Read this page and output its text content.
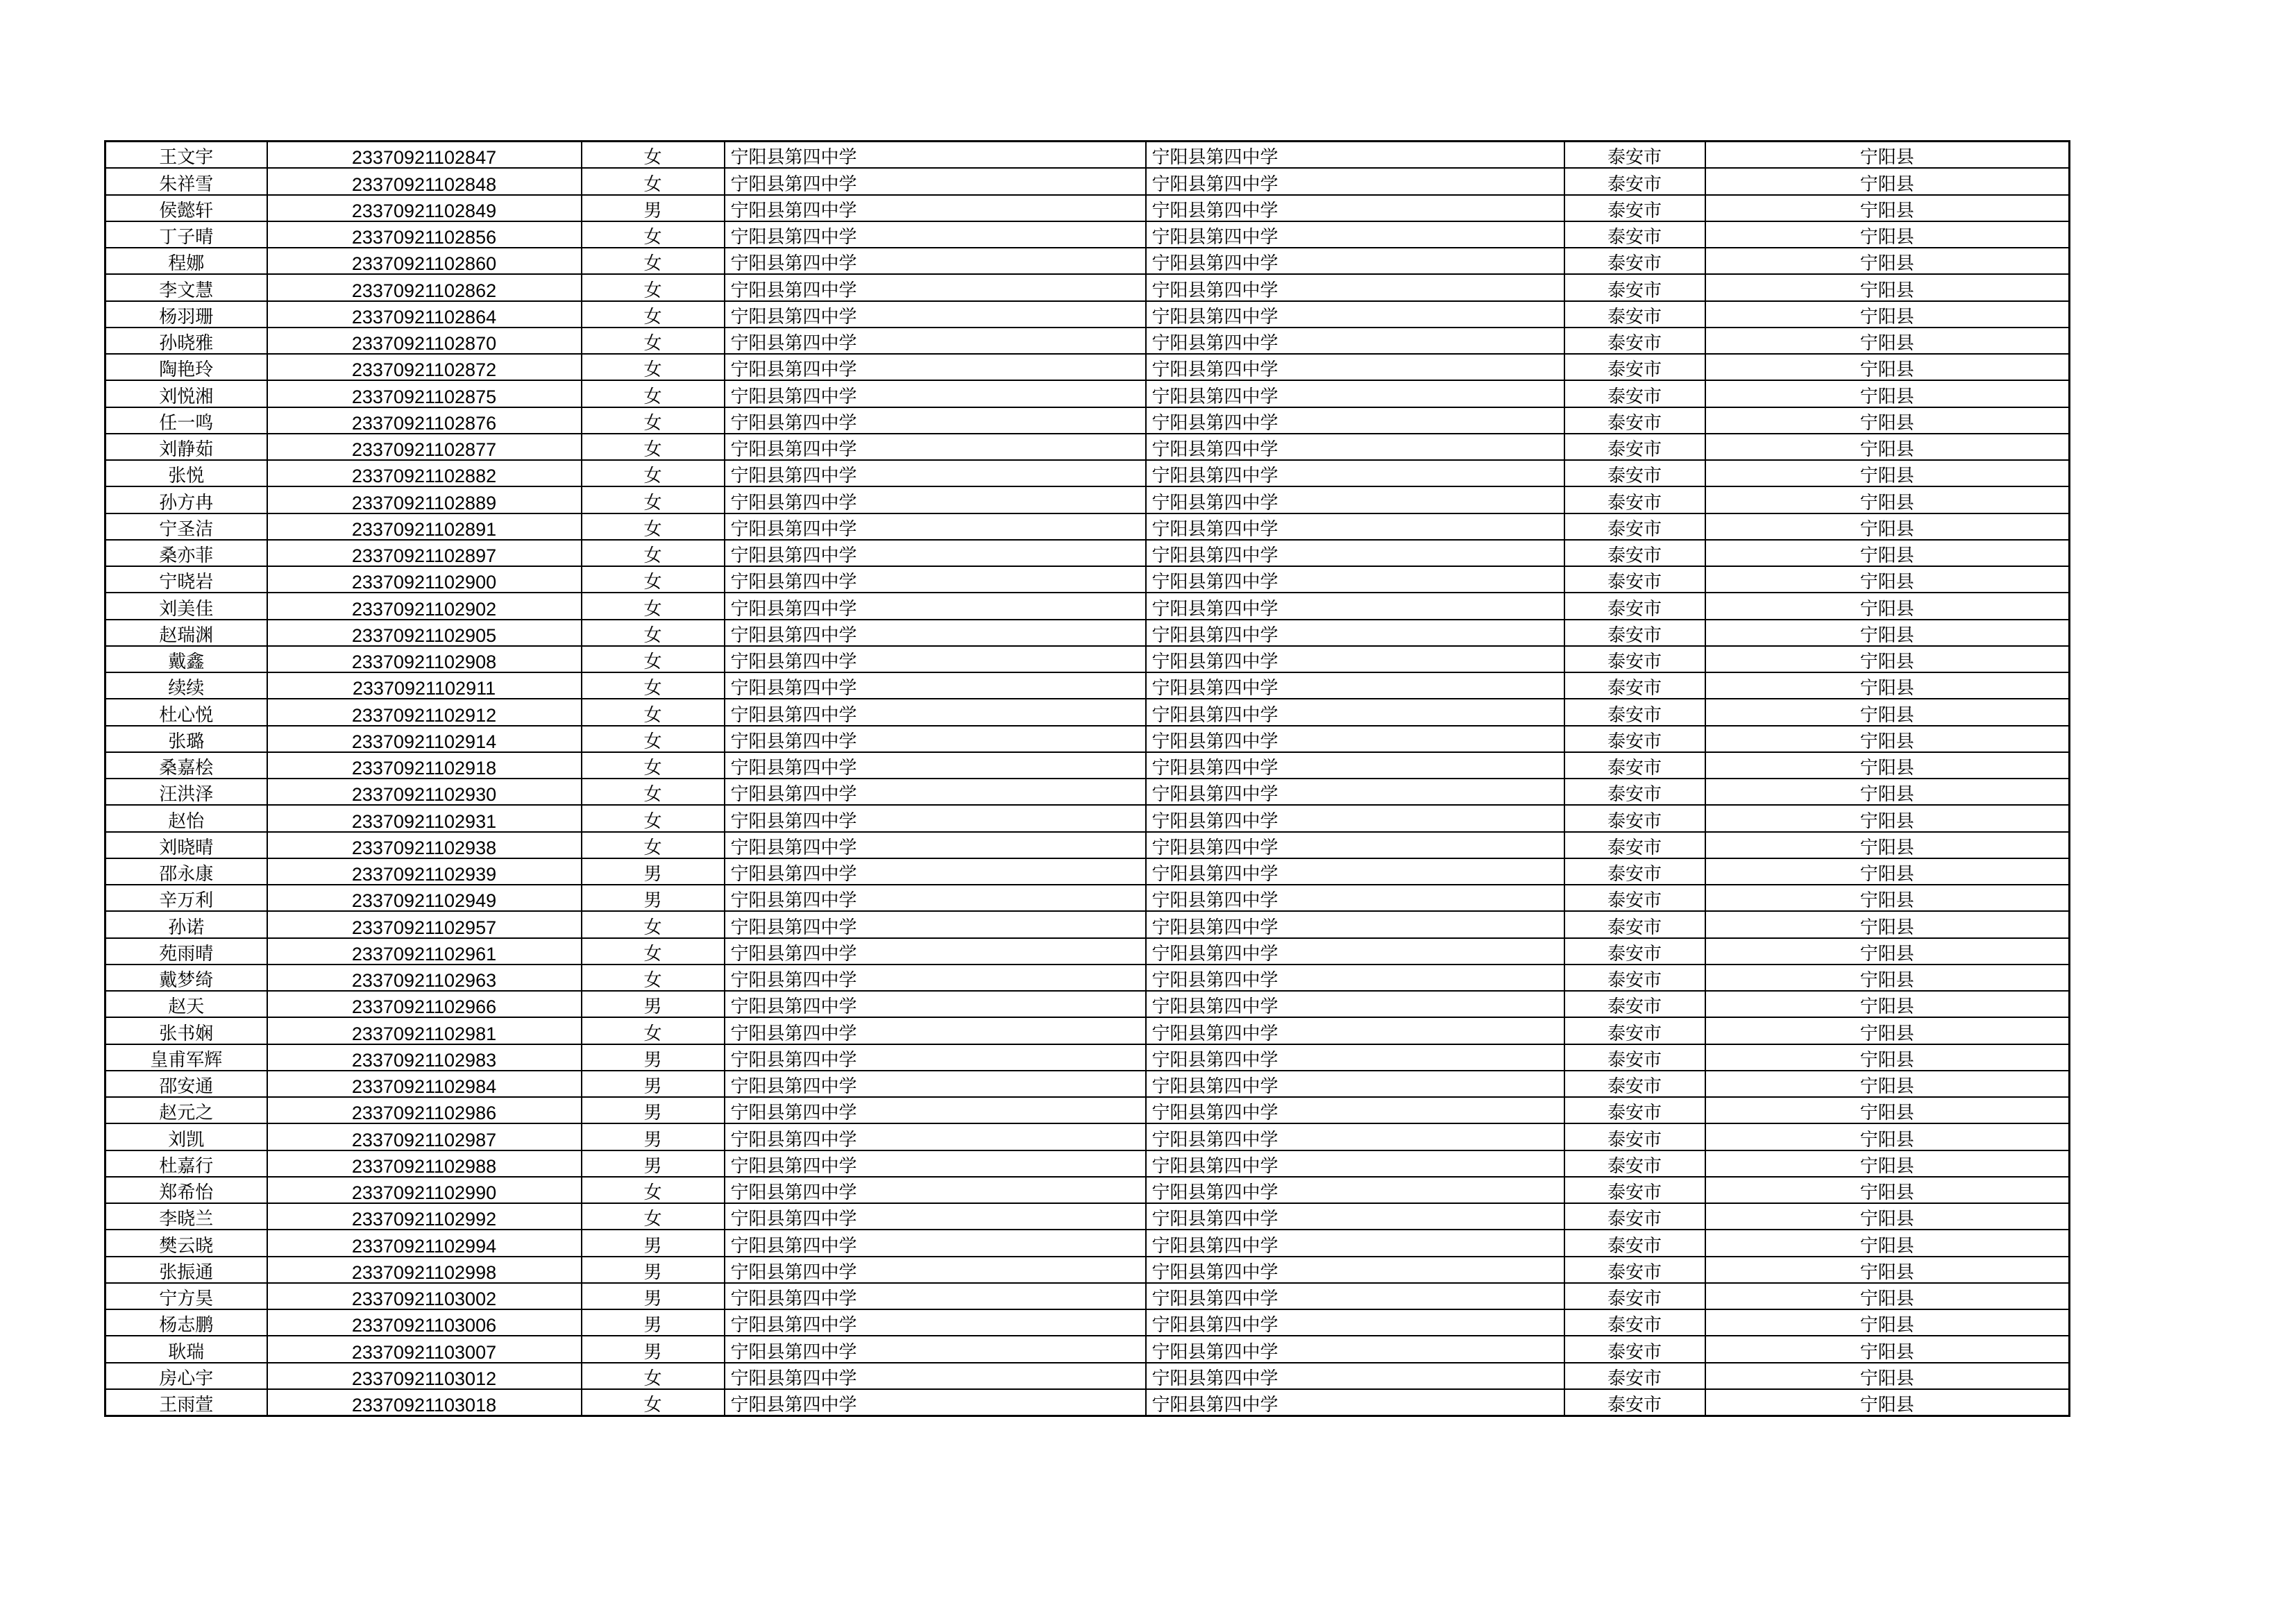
王文宇	23370921102847	女	宁阳县第四中学	宁阳县第四中学	泰安市	宁阳县
朱祥雪	23370921102848	女	宁阳县第四中学	宁阳县第四中学	泰安市	宁阳县
侯懿轩	23370921102849	男	宁阳县第四中学	宁阳县第四中学	泰安市	宁阳县
丁子晴	23370921102856	女	宁阳县第四中学	宁阳县第四中学	泰安市	宁阳县
程娜	23370921102860	女	宁阳县第四中学	宁阳县第四中学	泰安市	宁阳县
李文慧	23370921102862	女	宁阳县第四中学	宁阳县第四中学	泰安市	宁阳县
杨羽珊	23370921102864	女	宁阳县第四中学	宁阳县第四中学	泰安市	宁阳县
孙晓雅	23370921102870	女	宁阳县第四中学	宁阳县第四中学	泰安市	宁阳县
陶艳玲	23370921102872	女	宁阳县第四中学	宁阳县第四中学	泰安市	宁阳县
刘悦湘	23370921102875	女	宁阳县第四中学	宁阳县第四中学	泰安市	宁阳县
任一鸣	23370921102876	女	宁阳县第四中学	宁阳县第四中学	泰安市	宁阳县
刘静茹	23370921102877	女	宁阳县第四中学	宁阳县第四中学	泰安市	宁阳县
张悦	23370921102882	女	宁阳县第四中学	宁阳县第四中学	泰安市	宁阳县
孙方冉	23370921102889	女	宁阳县第四中学	宁阳县第四中学	泰安市	宁阳县
宁圣洁	23370921102891	女	宁阳县第四中学	宁阳县第四中学	泰安市	宁阳县
桑亦菲	23370921102897	女	宁阳县第四中学	宁阳县第四中学	泰安市	宁阳县
宁晓岩	23370921102900	女	宁阳县第四中学	宁阳县第四中学	泰安市	宁阳县
刘美佳	23370921102902	女	宁阳县第四中学	宁阳县第四中学	泰安市	宁阳县
赵瑞渊	23370921102905	女	宁阳县第四中学	宁阳县第四中学	泰安市	宁阳县
戴鑫	23370921102908	女	宁阳县第四中学	宁阳县第四中学	泰安市	宁阳县
续续	23370921102911	女	宁阳县第四中学	宁阳县第四中学	泰安市	宁阳县
杜心悦	23370921102912	女	宁阳县第四中学	宁阳县第四中学	泰安市	宁阳县
张璐	23370921102914	女	宁阳县第四中学	宁阳县第四中学	泰安市	宁阳县
桑嘉桧	23370921102918	女	宁阳县第四中学	宁阳县第四中学	泰安市	宁阳县
汪洪泽	23370921102930	女	宁阳县第四中学	宁阳县第四中学	泰安市	宁阳县
赵怡	23370921102931	女	宁阳县第四中学	宁阳县第四中学	泰安市	宁阳县
刘晓晴	23370921102938	女	宁阳县第四中学	宁阳县第四中学	泰安市	宁阳县
邵永康	23370921102939	男	宁阳县第四中学	宁阳县第四中学	泰安市	宁阳县
辛万利	23370921102949	男	宁阳县第四中学	宁阳县第四中学	泰安市	宁阳县
孙诺	23370921102957	女	宁阳县第四中学	宁阳县第四中学	泰安市	宁阳县
苑雨晴	23370921102961	女	宁阳县第四中学	宁阳县第四中学	泰安市	宁阳县
戴梦绮	23370921102963	女	宁阳县第四中学	宁阳县第四中学	泰安市	宁阳县
赵天	23370921102966	男	宁阳县第四中学	宁阳县第四中学	泰安市	宁阳县
张书娴	23370921102981	女	宁阳县第四中学	宁阳县第四中学	泰安市	宁阳县
皇甫军辉	23370921102983	男	宁阳县第四中学	宁阳县第四中学	泰安市	宁阳县
邵安通	23370921102984	男	宁阳县第四中学	宁阳县第四中学	泰安市	宁阳县
赵元之	23370921102986	男	宁阳县第四中学	宁阳县第四中学	泰安市	宁阳县
刘凯	23370921102987	男	宁阳县第四中学	宁阳县第四中学	泰安市	宁阳县
杜嘉行	23370921102988	男	宁阳县第四中学	宁阳县第四中学	泰安市	宁阳县
郑希怡	23370921102990	女	宁阳县第四中学	宁阳县第四中学	泰安市	宁阳县
李晓兰	23370921102992	女	宁阳县第四中学	宁阳县第四中学	泰安市	宁阳县
樊云晓	23370921102994	男	宁阳县第四中学	宁阳县第四中学	泰安市	宁阳县
张振通	23370921102998	男	宁阳县第四中学	宁阳县第四中学	泰安市	宁阳县
宁方昊	23370921103002	男	宁阳县第四中学	宁阳县第四中学	泰安市	宁阳县
杨志鹏	23370921103006	男	宁阳县第四中学	宁阳县第四中学	泰安市	宁阳县
耿瑞	23370921103007	男	宁阳县第四中学	宁阳县第四中学	泰安市	宁阳县
房心宇	23370921103012	女	宁阳县第四中学	宁阳县第四中学	泰安市	宁阳县
王雨萱	23370921103018	女	宁阳县第四中学	宁阳县第四中学	泰安市	宁阳县
